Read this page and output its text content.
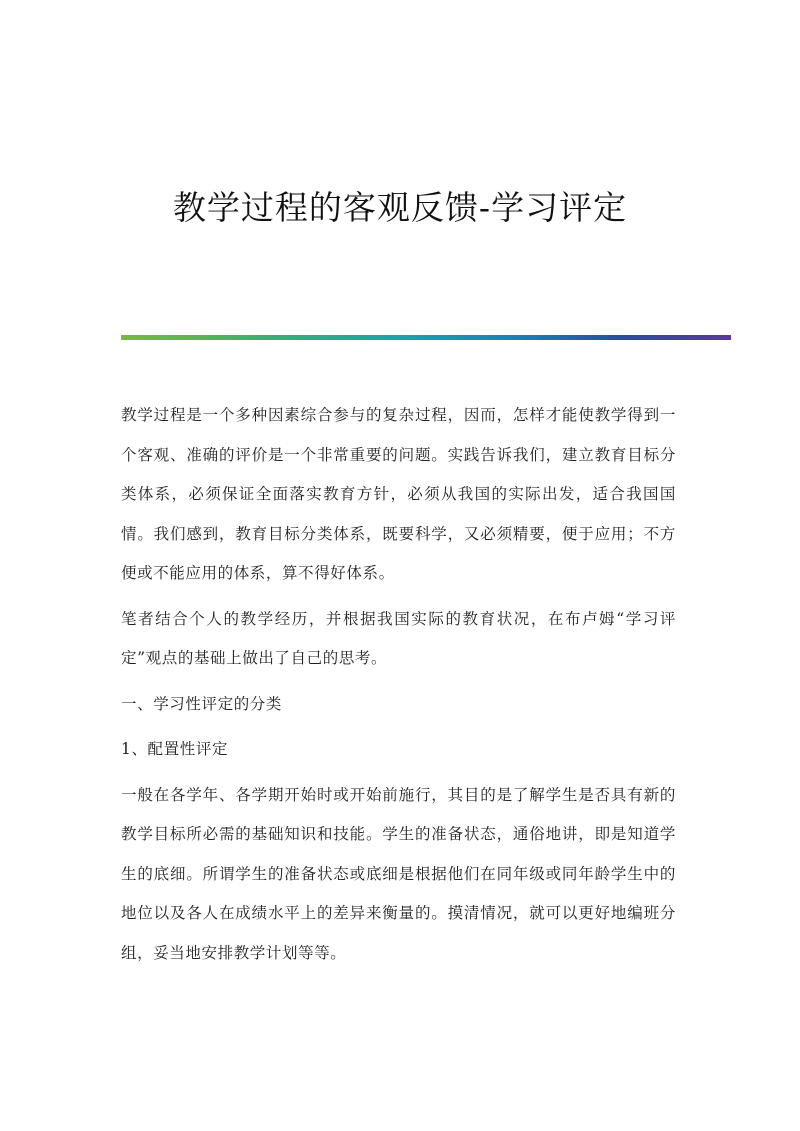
教学过程的客观反馈-学习评定

教学过程是一个多种因素综合参与的复杂过程，因而，怎样才能使教学得到一个客观、准确的评价是一个非常重要的问题。实践告诉我们，建立教育目标分类体系，必须保证全面落实教育方针，必须从我国的实际出发，适合我国国情。我们感到，教育目标分类体系，既要科学，又必须精要，便于应用；不方便或不能应用的体系，算不得好体系。

笔者结合个人的教学经历，并根据我国实际的教育状况，在布卢姆“学习评定”观点的基础上做出了自己的思考。

一、学习性评定的分类

1、配置性评定

一般在各学年、各学期开始时或开始前施行，其目的是了解学生是否具有新的教学目标所必需的基础知识和技能。学生的准备状态，通俗地讲，即是知道学生的底细。所谓学生的准备状态或底细是根据他们在同年级或同年龄学生中的地位以及各人在成绩水平上的差异来衡量的。摸清情况，就可以更好地编班分组，妥当地安排教学计划等等。
